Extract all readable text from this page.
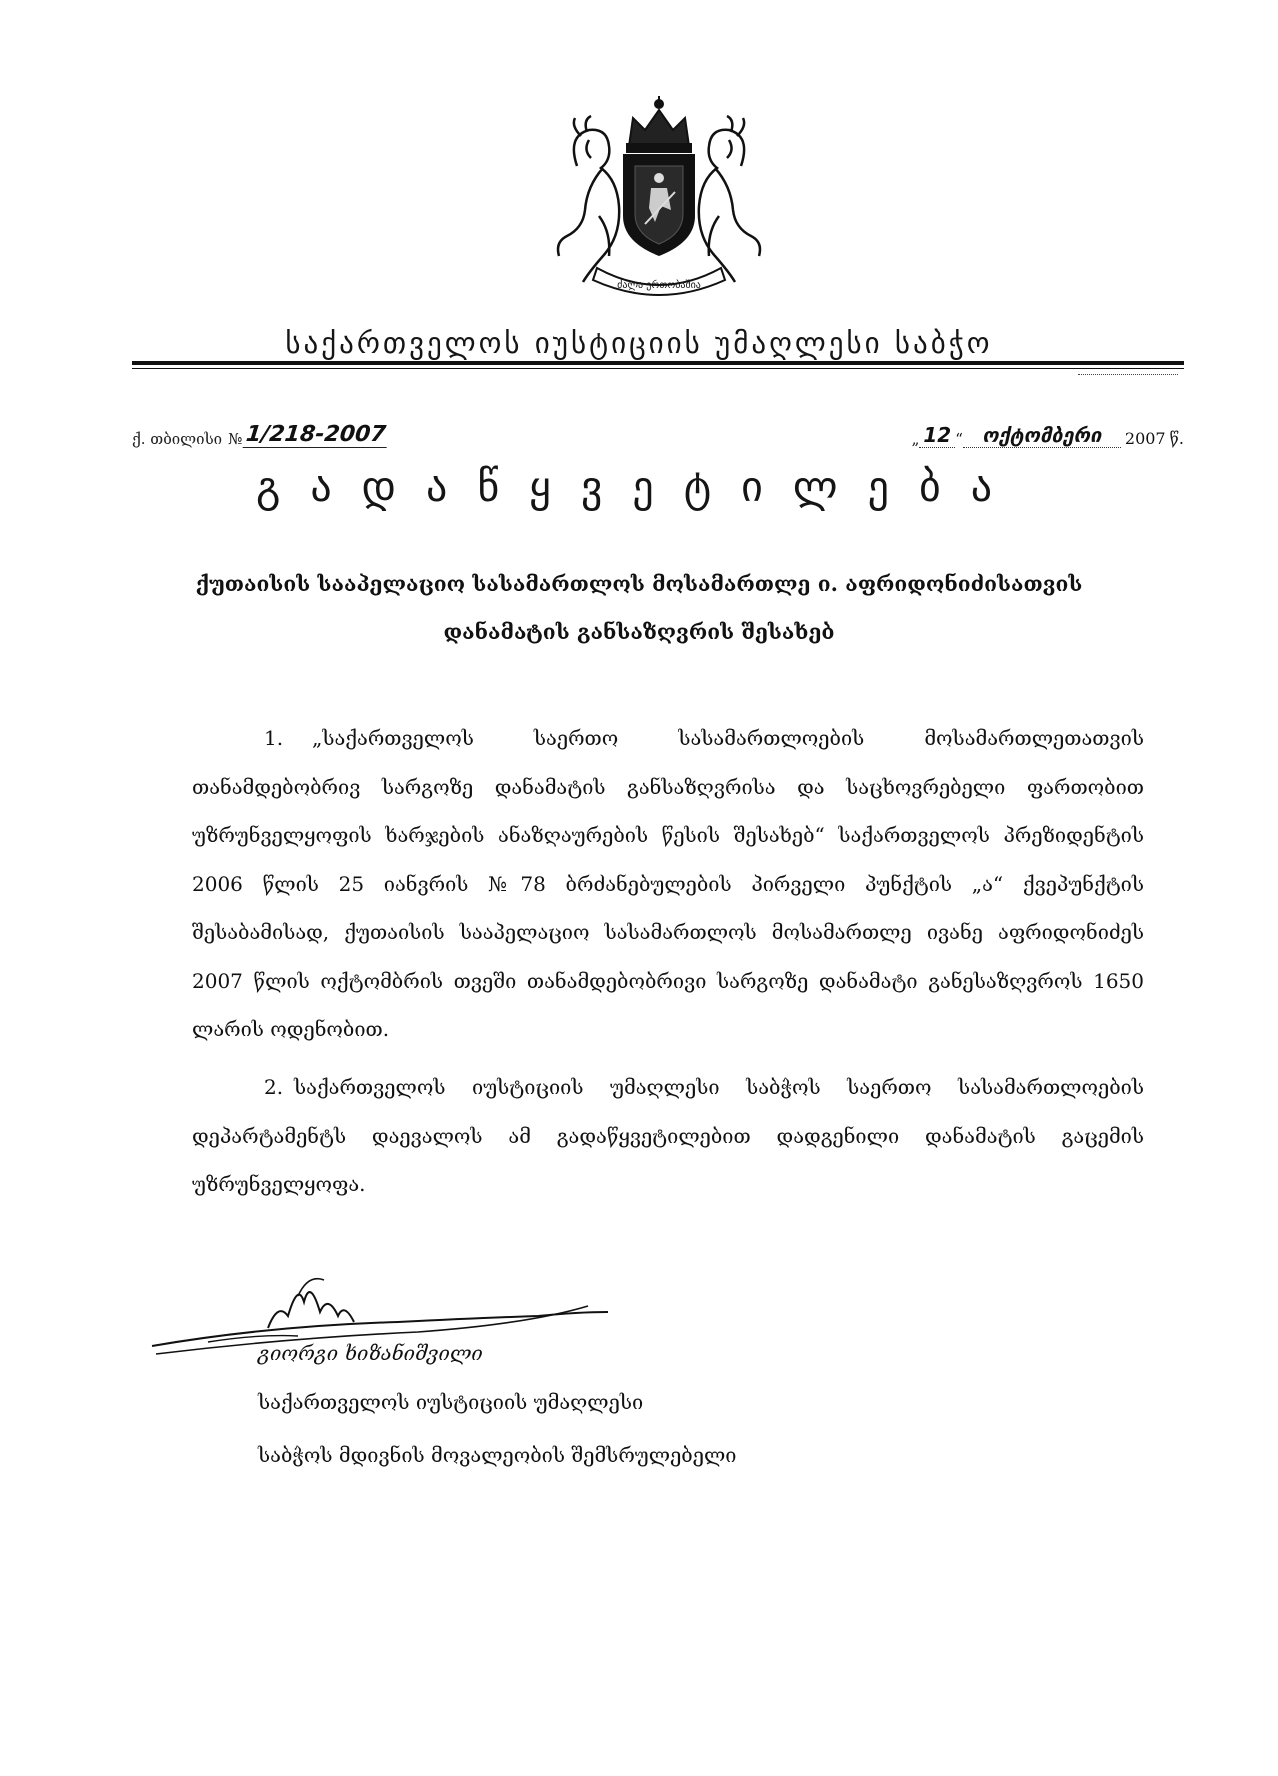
ძალა ერთობაშია
საქართველოს იუსტიციის უმაღლესი საბჭო
ქ. თბილისი № 1/218-2007	„ 12 “ ოქტომბერი	2007 წ.
გადაწყვეტილება
ქუთაისის სააპელაციო სასამართლოს მოსამართლე ი. აფრიდონიძისათვის
დანამატის განსაზღვრის შესახებ
1. „საქართველოს საერთო სასამართლოების მოსამართლეთათვის თანამდებობრივ სარგოზე დანამატის განსაზღვრისა და საცხოვრებელი ფართობით უზრუნველყოფის ხარჯების ანაზღაურების წესის შესახებ“ საქართველოს პრეზიდენტის 2006 წლის 25 იანვრის №78 ბრძანებულების პირველი პუნქტის „ა“ ქვეპუნქტის შესაბამისად, ქუთაისის სააპელაციო სასამართლოს მოსამართლე ივანე აფრიდონიძეს 2007 წლის ოქტომბრის თვეში თანამდებობრივი სარგოზე დანამატი განესაზღვროს 1650 ლარის ოდენობით.
2. საქართველოს იუსტიციის უმაღლესი საბჭოს საერთო სასამართლოების დეპარტამენტს დაევალოს ამ გადაწყვეტილებით დადგენილი დანამატის გაცემის უზრუნველყოფა.
გიორგი ხიზანიშვილი
საქართველოს იუსტიციის უმაღლესი
საბჭოს მდივნის მოვალეობის შემსრულებელი
